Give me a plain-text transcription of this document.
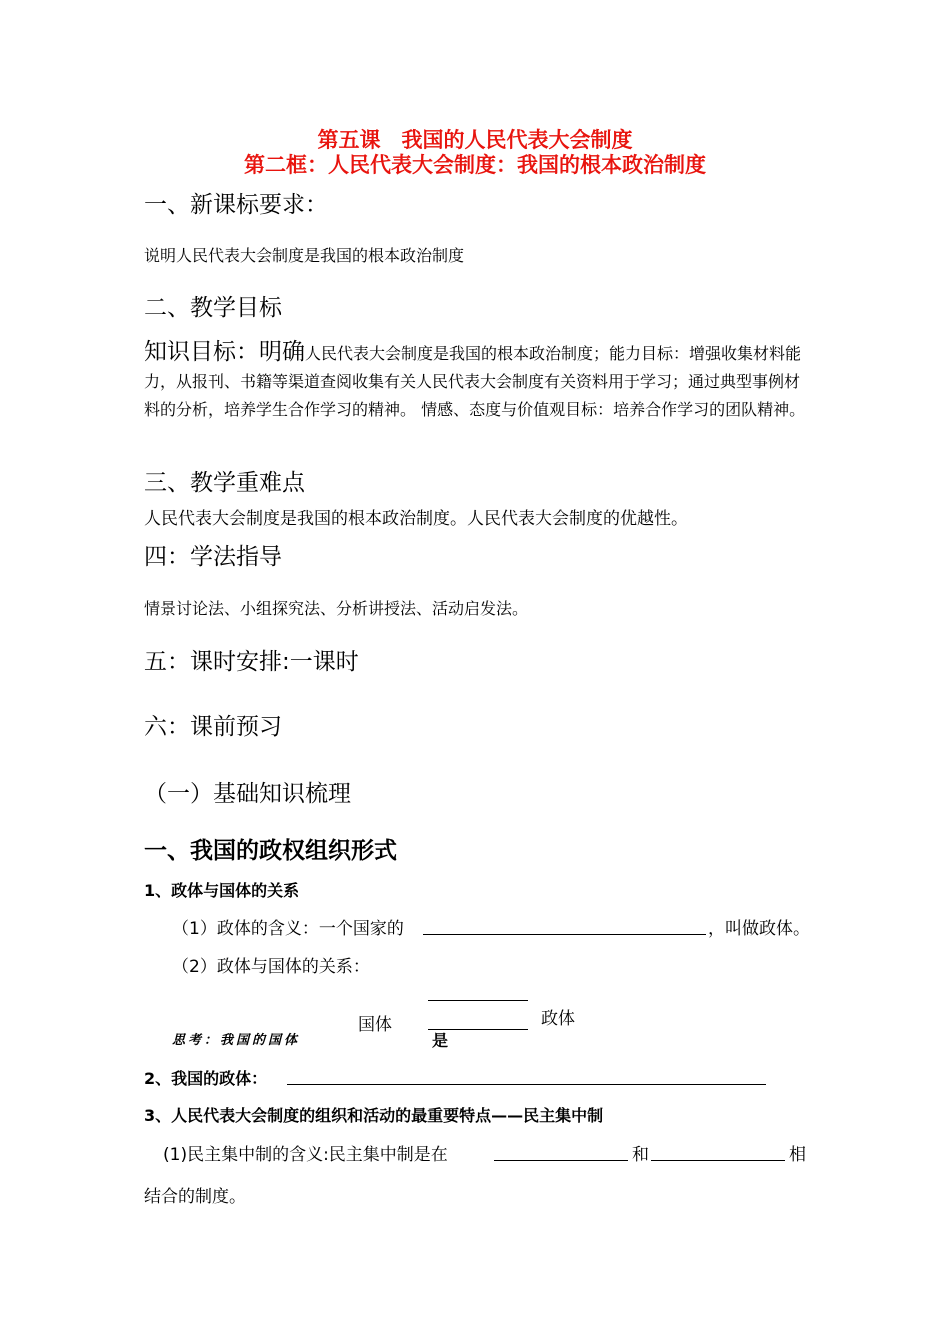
第五课　我国的人民代表大会制度
第二框：人民代表大会制度：我国的根本政治制度
一、新课标要求：
说明人民代表大会制度是我国的根本政治制度
二、教学目标
知识目标：明确人民代表大会制度是我国的根本政治制度；能力目标：增强收集材料能力，从报刊、书籍等渠道查阅收集有关人民代表大会制度有关资料用于学习；通过典型事例材料的分析，培养学生合作学习的精神。 情感、态度与价值观目标：培养合作学习的团队精神。
三、教学重难点
人民代表大会制度是我国的根本政治制度。人民代表大会制度的优越性。
四：学法指导
情景讨论法、小组探究法、分析讲授法、活动启发法。
五：课时安排:一课时
六：课前预习
（一）基础知识梳理
一、我国的政权组织形式
1、政体与国体的关系
（1）政体的含义：一个国家的	，叫做政体。
（2）政体与国体的关系：
国体	政体
思考：我国的国体	是
2、我国的政体：
3、人民代表大会制度的组织和活动的最重要特点——民主集中制
(1)民主集中制的含义:民主集中制是在	和	相
结合的制度。
